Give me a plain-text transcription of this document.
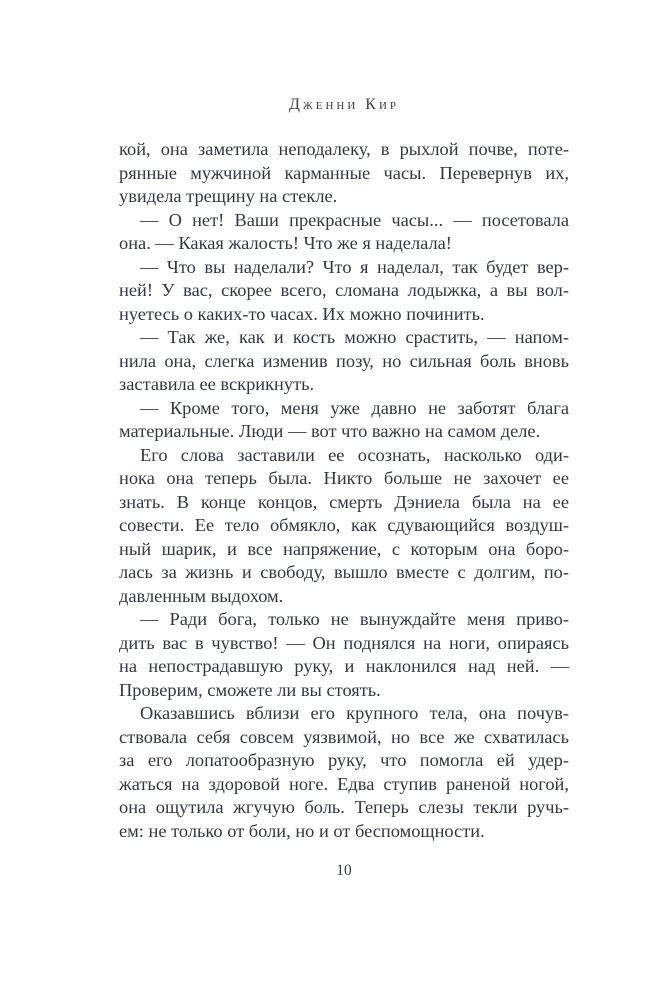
Дженни Кир
кой, она заметила неподалеку, в рыхлой почве, поте-
рянные мужчиной карманные часы. Перевернув их,
увидела трещину на стекле.
— О нет! Ваши прекрасные часы... — посетовала
она. — Какая жалость! Что же я наделала!
— Что вы наделали? Что я наделал, так будет вер-
ней! У вас, скорее всего, сломана лодыжка, а вы вол-
нуетесь о каких-то часах. Их можно починить.
— Так же, как и кость можно срастить, — напом-
нила она, слегка изменив позу, но сильная боль вновь
заставила ее вскрикнуть.
— Кроме того, меня уже давно не заботят блага
материальные. Люди — вот что важно на самом деле.
Его слова заставили ее осознать, насколько оди-
нока она теперь была. Никто больше не захочет ее
знать. В конце концов, смерть Дэниела была на ее
совести. Ее тело обмякло, как сдувающийся воздуш-
ный шарик, и все напряжение, с которым она боро-
лась за жизнь и свободу, вышло вместе с долгим, по-
давленным выдохом.
— Ради бога, только не вынуждайте меня приво-
дить вас в чувство! — Он поднялся на ноги, опираясь
на непострадавшую руку, и наклонился над ней. —
Проверим, сможете ли вы стоять.
Оказавшись вблизи его крупного тела, она почув-
ствовала себя совсем уязвимой, но все же схватилась
за его лопатообразную руку, что помогла ей удер-
жаться на здоровой ноге. Едва ступив раненой ногой,
она ощутила жгучую боль. Теперь слезы текли ручь-
ем: не только от боли, но и от беспомощности.
10
